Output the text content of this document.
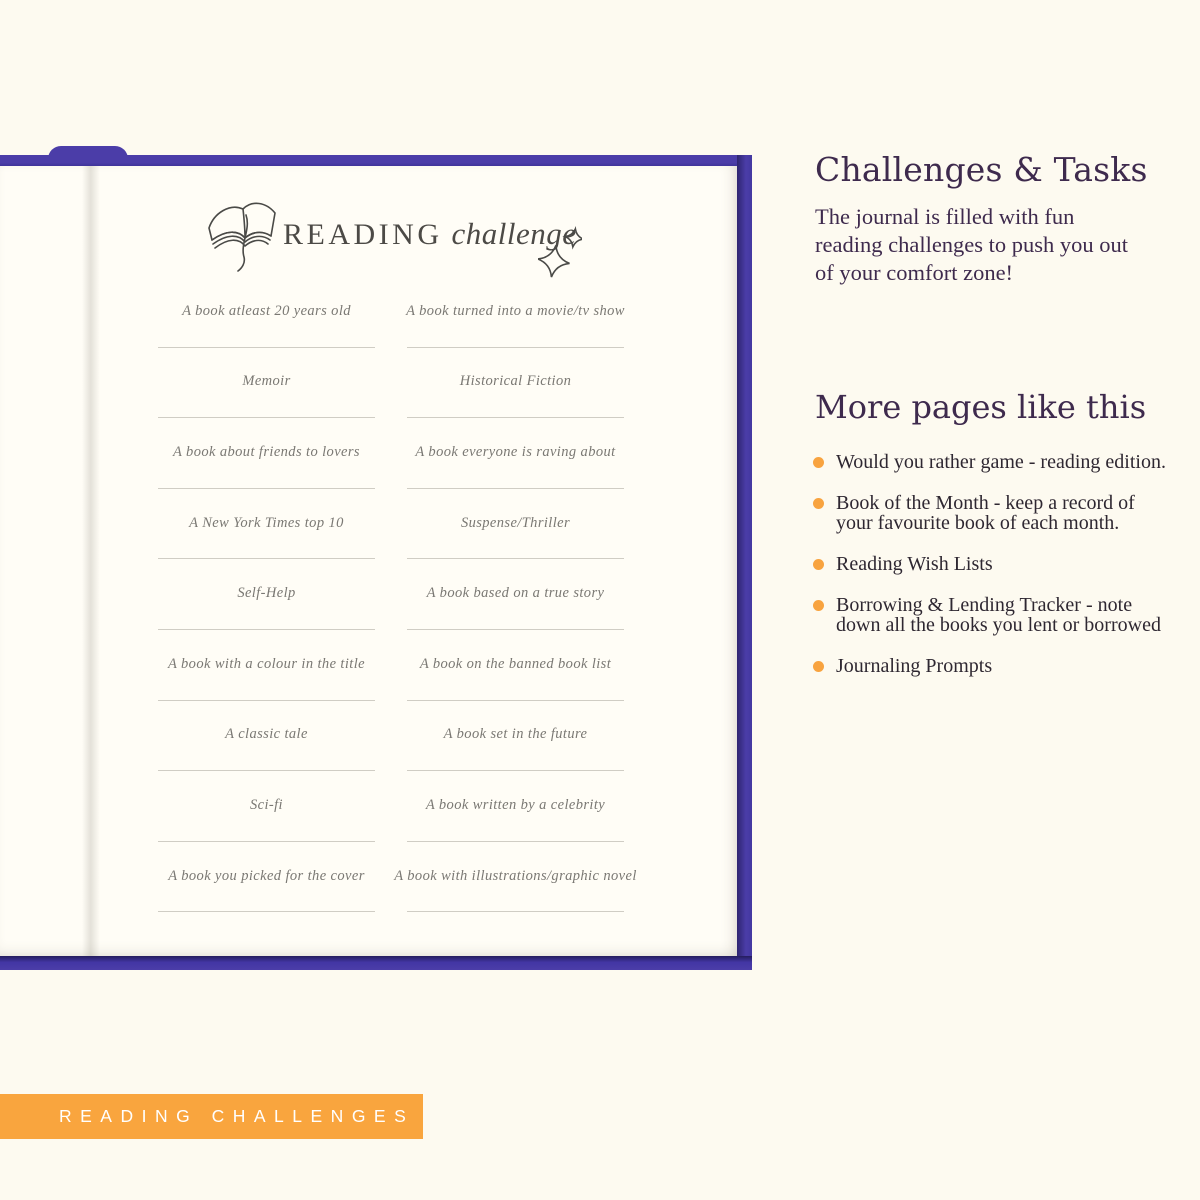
READING challenge
A book atleast 20 years old	A book turned into a movie/tv show
Memoir	Historical Fiction
A book about friends to lovers	A book everyone is raving about
A New York Times top 10	Suspense/Thriller
Self-Help	A book based on a true story
A book with a colour in the title	A book on the banned book list
A classic tale	A book set in the future
Sci-fi	A book written by a celebrity
A book you picked for the cover	A book with illustrations/graphic novel
Challenges & Tasks

The journal is filled with fun reading challenges to push you out of your comfort zone!

More pages like this
Would you rather game - reading edition.
Book of the Month - keep a record of your favourite book of each month.
Reading Wish Lists
Borrowing & Lending Tracker - note down all the books you lent or borrowed
Journaling Prompts
READING CHALLENGES
